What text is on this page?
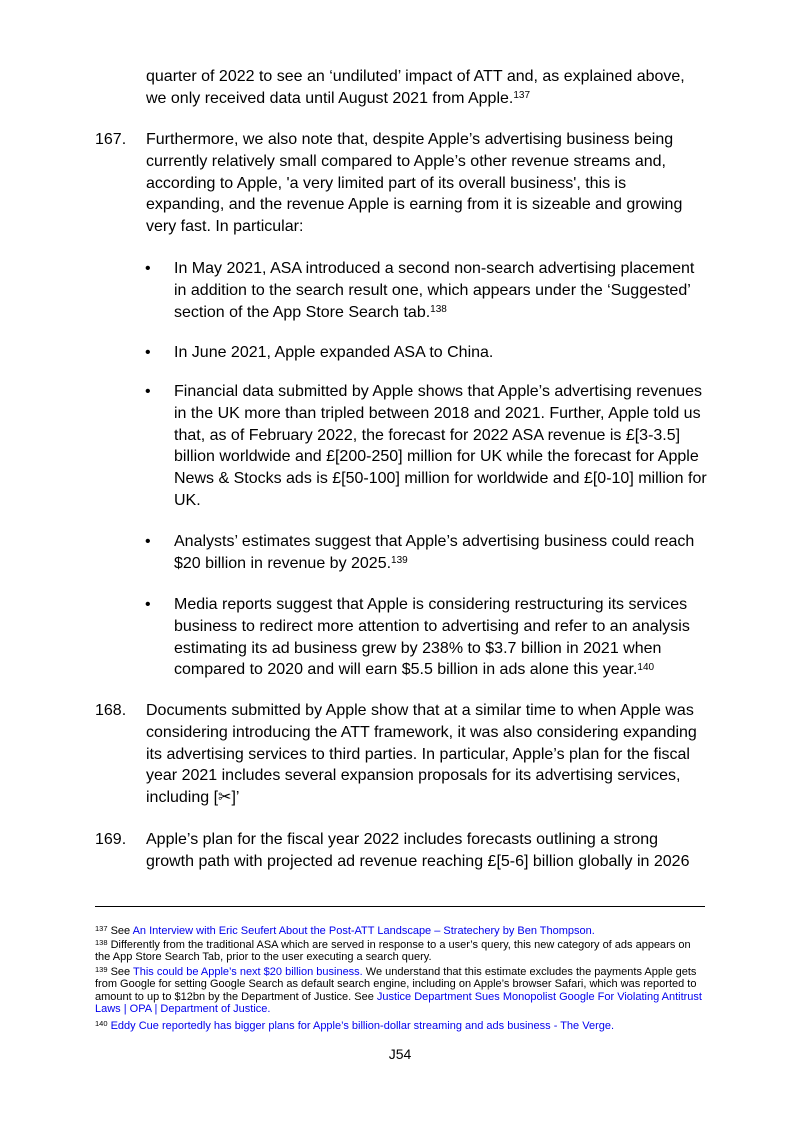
quarter of 2022 to see an ‘undiluted’ impact of ATT and, as explained above, we only received data until August 2021 from Apple.$^{137}$
167. Furthermore, we also note that, despite Apple’s advertising business being currently relatively small compared to Apple’s other revenue streams and, according to Apple, 'a very limited part of its overall business', this is expanding, and the revenue Apple is earning from it is sizeable and growing very fast. In particular:
• In May 2021, ASA introduced a second non-search advertising placement in addition to the search result one, which appears under the ‘Suggested’ section of the App Store Search tab.$^{138}$
• In June 2021, Apple expanded ASA to China.
• Financial data submitted by Apple shows that Apple’s advertising revenues in the UK more than tripled between 2018 and 2021. Further, Apple told us that, as of February 2022, the forecast for 2022 ASA revenue is £[3-3.5] billion worldwide and £[200-250] million for UK while the forecast for Apple News & Stocks ads is £[50-100] million for worldwide and £[0-10] million for UK.
• Analysts’ estimates suggest that Apple’s advertising business could reach $20 billion in revenue by 2025.$^{139}$
• Media reports suggest that Apple is considering restructuring its services business to redirect more attention to advertising and refer to an analysis estimating its ad business grew by 238% to $3.7 billion in 2021 when compared to 2020 and will earn $5.5 billion in ads alone this year.$^{140}$
168. Documents submitted by Apple show that at a similar time to when Apple was considering introducing the ATT framework, it was also considering expanding its advertising services to third parties. In particular, Apple’s plan for the fiscal year 2021 includes several expansion proposals for its advertising services, including [✂]’
169. Apple’s plan for the fiscal year 2022 includes forecasts outlining a strong growth path with projected ad revenue reaching £[5-6] billion globally in 2026
$^{137}$ See An Interview with Eric Seufert About the Post-ATT Landscape – Stratechery by Ben Thompson.
$^{138}$ Differently from the traditional ASA which are served in response to a user’s query, this new category of ads appears on the App Store Search Tab, prior to the user executing a search query.
$^{139}$ See This could be Apple’s next $20 billion business. We understand that this estimate excludes the payments Apple gets from Google for setting Google Search as default search engine, including on Apple’s browser Safari, which was reported to amount to up to $12bn by the Department of Justice. See Justice Department Sues Monopolist Google For Violating Antitrust Laws | OPA | Department of Justice.
$^{140}$ Eddy Cue reportedly has bigger plans for Apple’s billion-dollar streaming and ads business - The Verge.
J54
